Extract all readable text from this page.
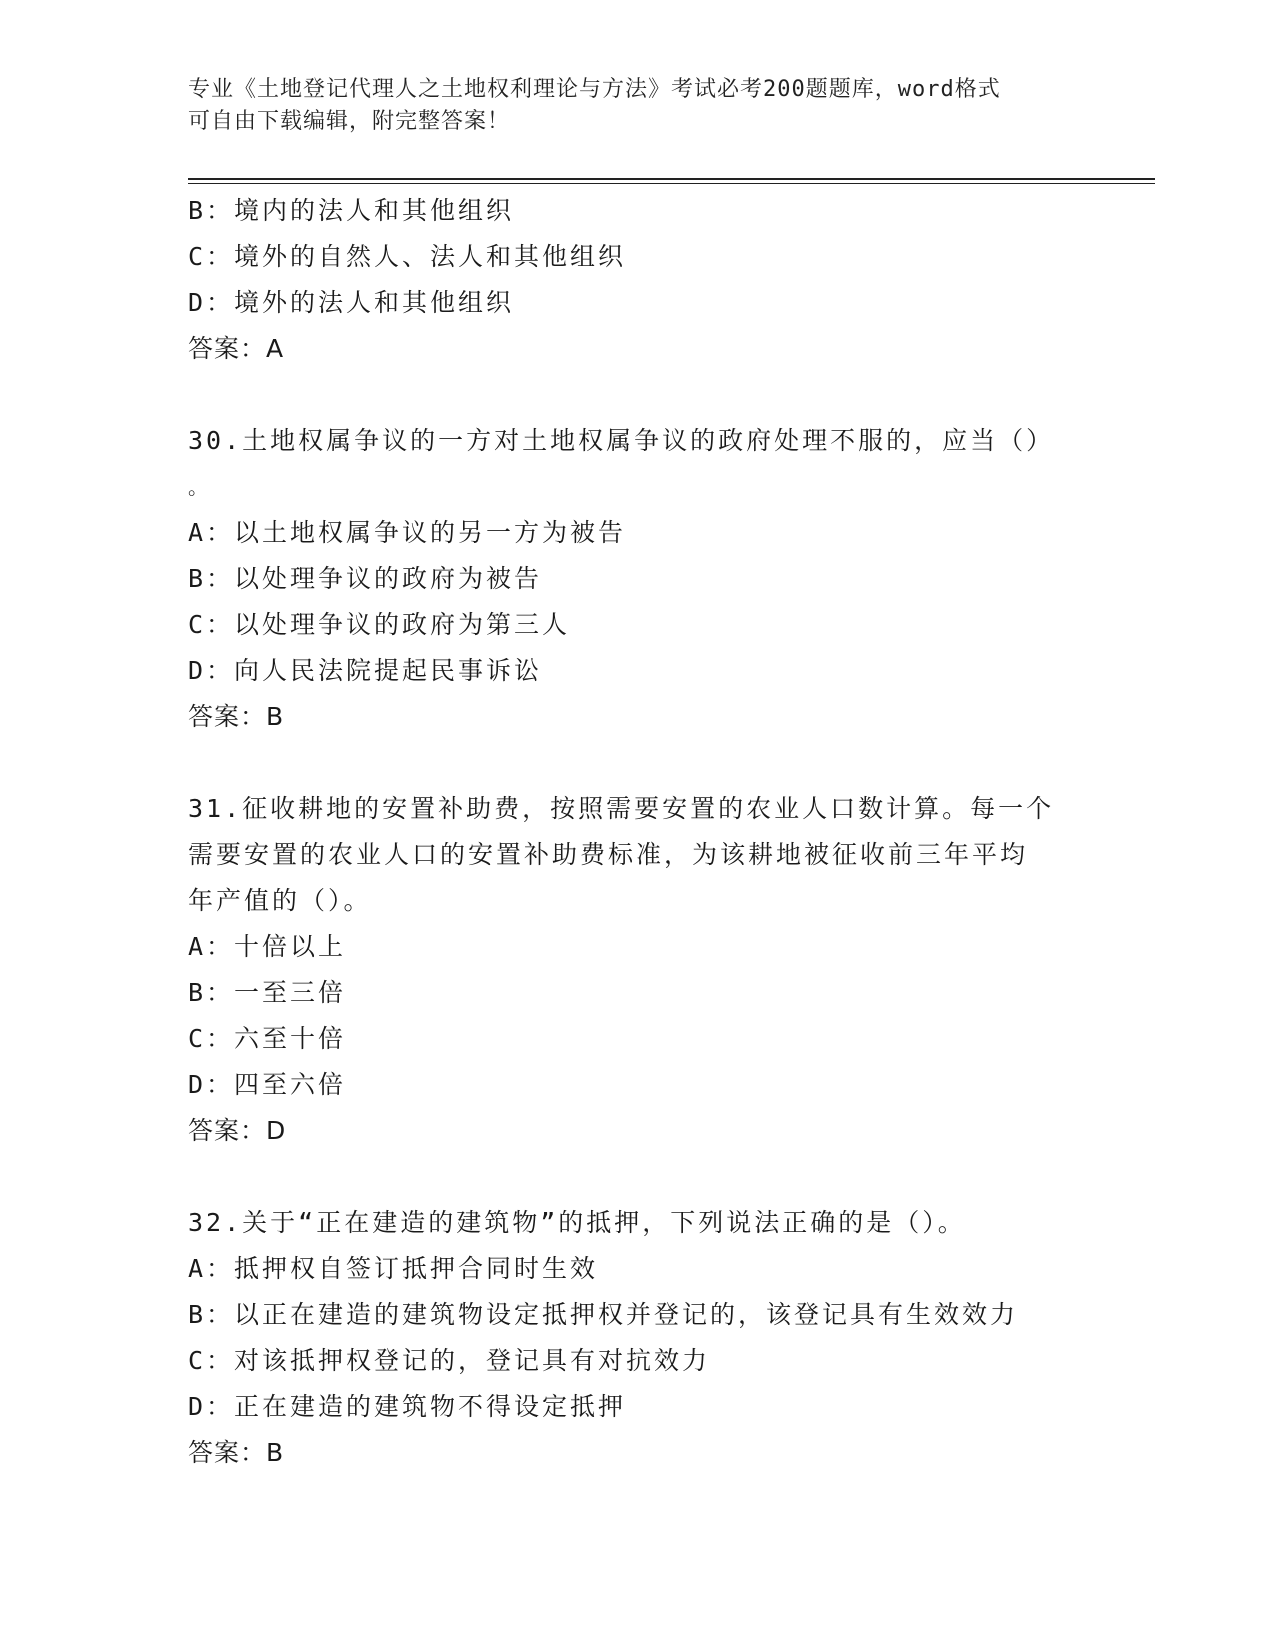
专业《土地登记代理人之土地权利理论与方法》考试必考200题题库，word格式
可自由下载编辑，附完整答案！
B：境内的法人和其他组织
C：境外的自然人、法人和其他组织
D：境外的法人和其他组织
答案：A
30.土地权属争议的一方对土地权属争议的政府处理不服的，应当（）
。
A：以土地权属争议的另一方为被告
B：以处理争议的政府为被告
C：以处理争议的政府为第三人
D：向人民法院提起民事诉讼
答案：B
31.征收耕地的安置补助费，按照需要安置的农业人口数计算。每一个
需要安置的农业人口的安置补助费标准，为该耕地被征收前三年平均
年产值的（）。
A：十倍以上
B：一至三倍
C：六至十倍
D：四至六倍
答案：D
32.关于“正在建造的建筑物”的抵押，下列说法正确的是（）。
A：抵押权自签订抵押合同时生效
B：以正在建造的建筑物设定抵押权并登记的，该登记具有生效效力
C：对该抵押权登记的，登记具有对抗效力
D：正在建造的建筑物不得设定抵押
答案：B
